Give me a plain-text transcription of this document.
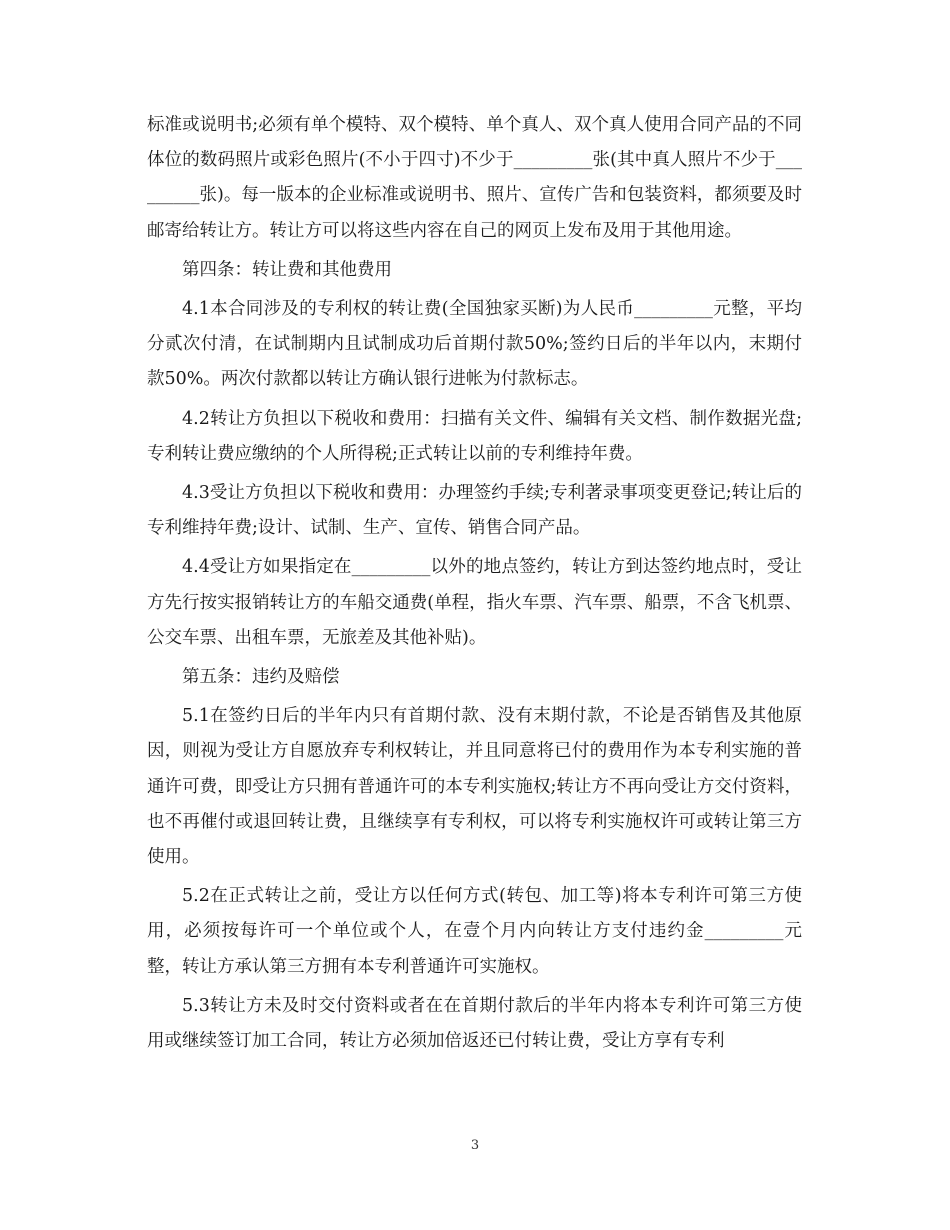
标准或说明书;必须有单个模特、双个模特、单个真人、双个真人使用合同产品的不同体位的数码照片或彩色照片(不小于四寸)不少于_________张(其中真人照片不少于_________张)。每一版本的企业标准或说明书、照片、宣传广告和包装资料，都须要及时邮寄给转让方。转让方可以将这些内容在自己的网页上发布及用于其他用途。

第四条：转让费和其他费用

4.1本合同涉及的专利权的转让费(全国独家买断)为人民币_________元整，平均分贰次付清，在试制期内且试制成功后首期付款50%;签约日后的半年以内，末期付款50%。两次付款都以转让方确认银行进帐为付款标志。

4.2转让方负担以下税收和费用：扫描有关文件、编辑有关文档、制作数据光盘;专利转让费应缴纳的个人所得税;正式转让以前的专利维持年费。

4.3受让方负担以下税收和费用：办理签约手续;专利著录事项变更登记;转让后的专利维持年费;设计、试制、生产、宣传、销售合同产品。

4.4受让方如果指定在_________以外的地点签约，转让方到达签约地点时，受让方先行按实报销转让方的车船交通费(单程，指火车票、汽车票、船票，不含飞机票、公交车票、出租车票，无旅差及其他补贴)。

第五条：违约及赔偿

5.1在签约日后的半年内只有首期付款、没有末期付款，不论是否销售及其他原因，则视为受让方自愿放弃专利权转让，并且同意将已付的费用作为本专利实施的普通许可费，即受让方只拥有普通许可的本专利实施权;转让方不再向受让方交付资料，也不再催付或退回转让费，且继续享有专利权，可以将专利实施权许可或转让第三方使用。

5.2在正式转让之前，受让方以任何方式(转包、加工等)将本专利许可第三方使用，必须按每许可一个单位或个人，在壹个月内向转让方支付违约金_________元整，转让方承认第三方拥有本专利普通许可实施权。

5.3转让方未及时交付资料或者在在首期付款后的半年内将本专利许可第三方使用或继续签订加工合同，转让方必须加倍返还已付转让费，受让方享有专利

3
